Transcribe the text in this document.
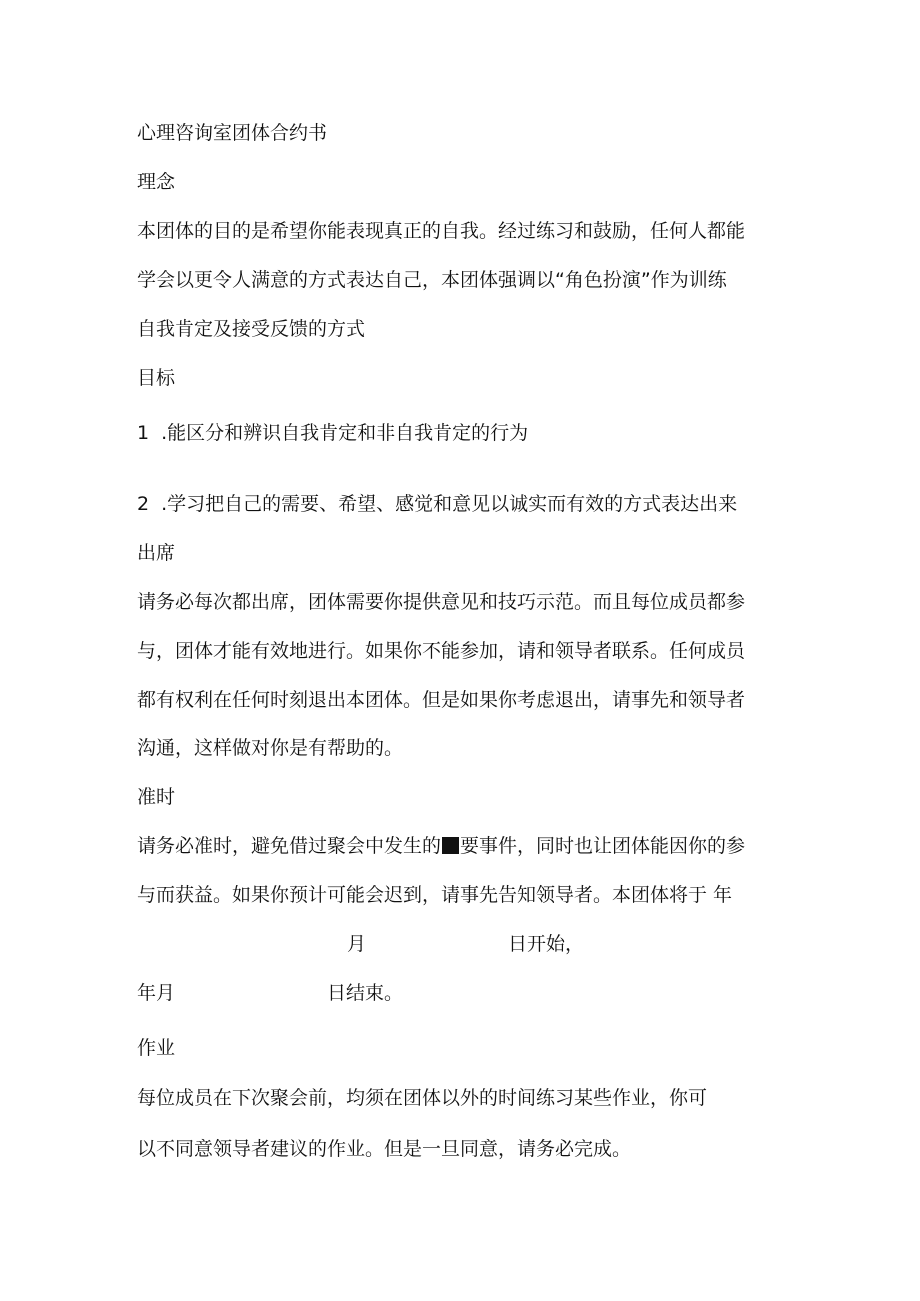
心理咨询室团体合约书

理念

本团体的目的是希望你能表现真正的自我。经过练习和鼓励，任何人都能

学会以更令人满意的方式表达自己，本团体强调以“角色扮演”作为训练

自我肯定及接受反馈的方式

目标

1 .能区分和辨识自我肯定和非自我肯定的行为

2 .学习把自己的需要、希望、感觉和意见以诚实而有效的方式表达出来

出席

请务必每次都出席，团体需要你提供意见和技巧示范。而且每位成员都参

与，团体才能有效地进行。如果你不能参加，请和领导者联系。任何成员

都有权利在任何时刻退出本团体。但是如果你考虑退出，请事先和领导者

沟通，这样做对你是有帮助的。

准时

请务必准时，避免借过聚会中发生的 要事件，同时也让团体能因你的参

与而获益。如果你预计可能会迟到，请事先告知领导者。本团体将于 年

月	日开始，

年月	日结束。

作业

每位成员在下次聚会前，均须在团体以外的时间练习某些作业，你可

以不同意领导者建议的作业。但是一旦同意，请务必完成。
